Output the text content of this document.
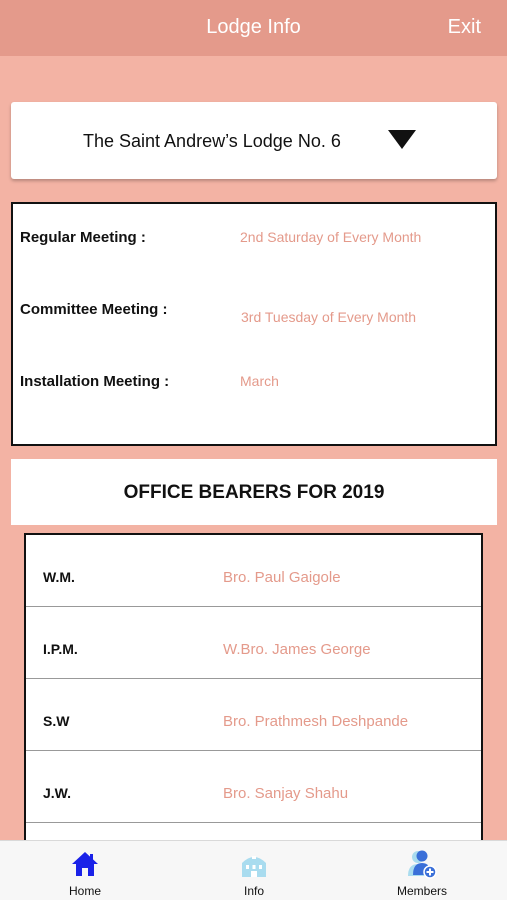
Lodge Info	Exit
The Saint Andrew’s Lodge No. 6
Regular Meeting :	2nd Saturday of Every Month
Committee Meeting :	3rd Tuesday of Every Month
Installation Meeting :	March
OFFICE BEARERS FOR 2019
W.M.	Bro. Paul Gaigole
I.P.M.	W.Bro. James George
S.W	Bro. Prathmesh Deshpande
J.W.	Bro. Sanjay Shahu
Home	Info	Members
